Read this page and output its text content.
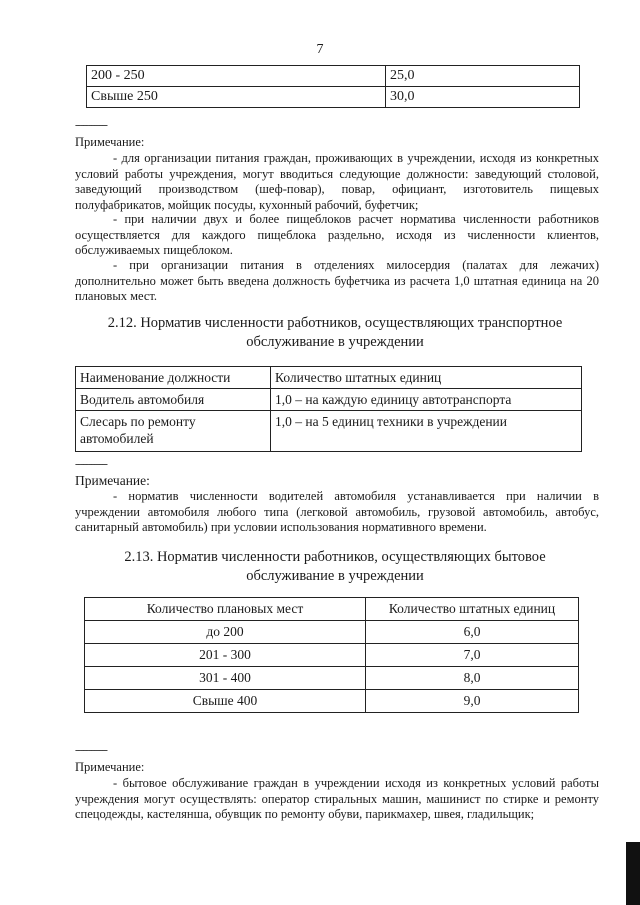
7
200 - 250	25,0
Свыше 250	30,0
------------
Примечание:
- для организации питания граждан, проживающих в учреждении, исходя из конкретных условий работы учреждения, могут вводиться следующие должности: заведующий столовой, заведующий производством (шеф-повар), повар, официант, изготовитель пищевых полуфабрикатов, мойщик посуды, кухонный рабочий, буфетчик;
- при наличии двух и более пищеблоков расчет норматива численности работников осуществляется для каждого пищеблока раздельно, исходя из численности клиентов, обслуживаемых пищеблоком.
- при организации питания в отделениях милосердия (палатах для лежачих) дополнительно может быть введена должность буфетчика из расчета 1,0 штатная единица на 20 плановых мест.
2.12. Норматив численности работников, осуществляющих транспортное
обслуживание в учреждении
Наименование должности	Количество штатных единиц
Водитель автомобиля	1,0 – на каждую единицу автотранспорта
Слесарь по ремонту автомобилей	1,0 – на 5 единиц техники в учреждении
------------
Примечание:
- норматив численности водителей автомобиля устанавливается при наличии в учреждении автомобиля любого типа (легковой автомобиль, грузовой автомобиль, автобус, санитарный автомобиль) при условии использования нормативного времени.
2.13. Норматив численности работников, осуществляющих бытовое
обслуживание в учреждении
Количество плановых мест	Количество штатных единиц
до 200	6,0
201 - 300	7,0
301 - 400	8,0
Свыше 400	9,0
------------
Примечание:
- бытовое обслуживание граждан в учреждении исходя из конкретных условий работы учреждения могут осуществлять: оператор стиральных машин, машинист по стирке и ремонту спецодежды, кастелянша, обувщик по ремонту обуви, парикмахер, швея, гладильщик;
